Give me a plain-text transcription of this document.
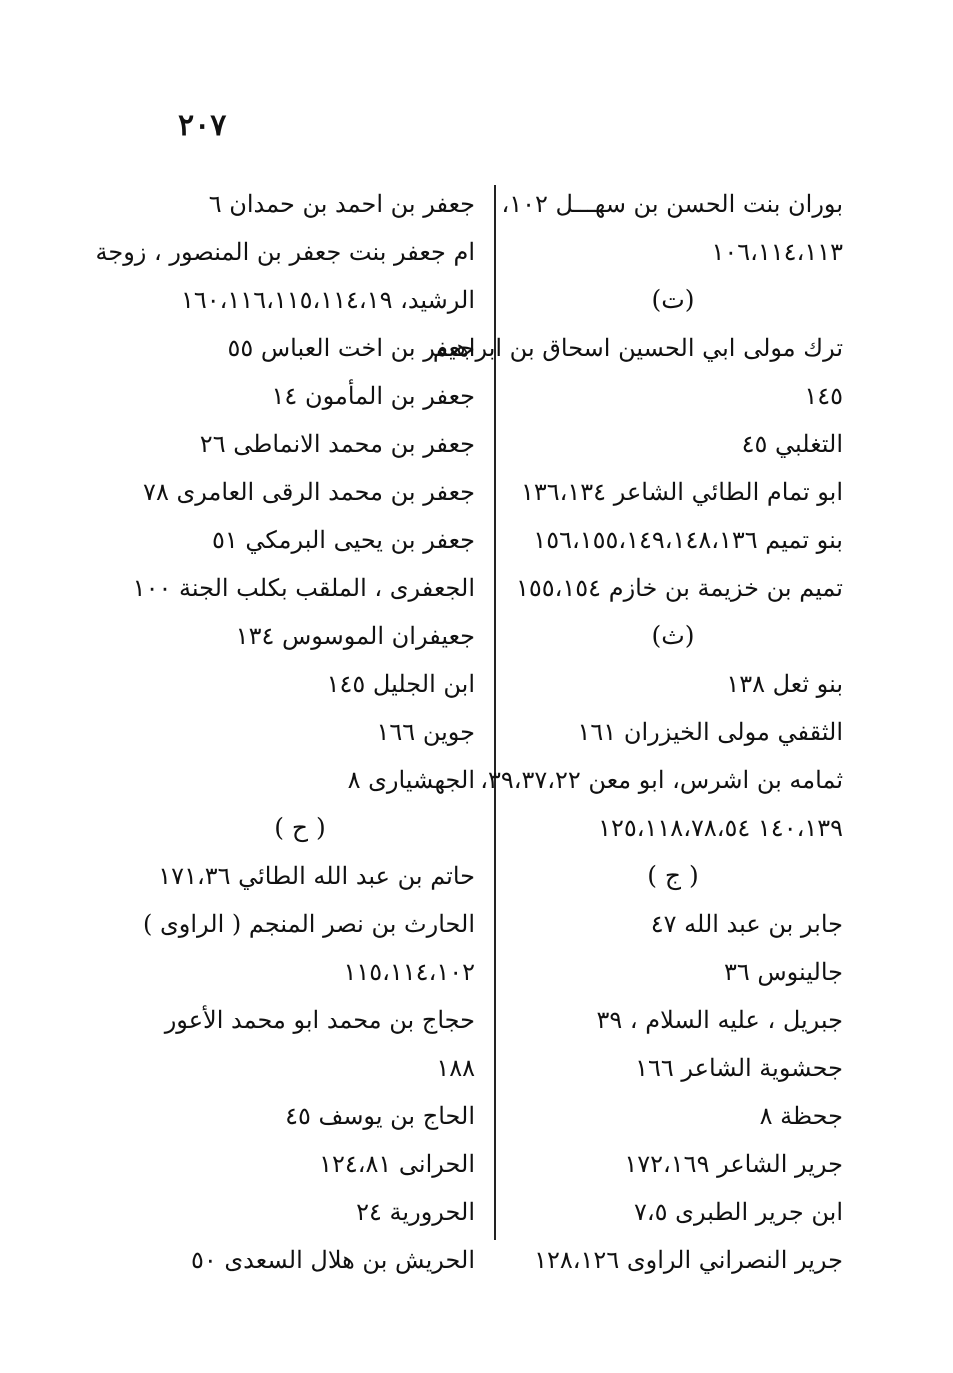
٢٠٧
بوران بنت الحسن بن سهـــل ١٠٢،
١٠٦،١١٤،١١٣
(ت)
ترك مولى ابي الحسين اسحاق بن ابراهيم
١٤٥
التغلبي ٤٥
ابو تمام الطائي الشاعر ١٣٦،١٣٤
بنو تميم ١٥٦،١٥٥،١٤٩،١٤٨،١٣٦
تميم بن خزيمة بن خازم ١٥٥،١٥٤
(ث)
بنو ثعل ١٣٨
الثقفي مولى الخيزران ١٦١
ثمامه بن اشرس، ابو معن ٣٩،٣٧،٢٢،
١٤٠،١٣٩ ١٢٥،١١٨،٧٨،٥٤
( ج )
جابر بن عبد الله ٤٧
جالينوس ٣٦
جبريل ، عليه السلام ، ٣٩
جحشوية الشاعر ١٦٦
جحظة ٨
جرير الشاعر ١٧٢،١٦٩
ابن جرير الطبرى ٧،٥
جرير النصراني الراوى ١٢٨،١٢٦
جعفر بن احمد بن حمدان ٦
ام جعفر بنت جعفر بن المنصور ، زوجة
الرشيد، ١٦٠،١١٦،١١٥،١١٤،١٩
جعفر بن اخت العباس ٥٥
جعفر بن المأمون ١٤
جعفر بن محمد الانماطى ٢٦
جعفر بن محمد الرقى العامرى ٧٨
جعفر بن يحيى البرمكي ٥١
الجعفرى ، الملقب بكلب الجنة ١٠٠
جعيفران الموسوس ١٣٤
ابن الجليل ١٤٥
جوين ١٦٦
الجهشيارى ٨
( ح )
حاتم بن عبد الله الطائي ١٧١،٣٦
الحارث بن نصر المنجم ( الراوى )
١١٥،١١٤،١٠٢
حجاج بن محمد ابو محمد الأعور
١٨٨
الحاج بن يوسف ٤٥
الحرانى ١٢٤،٨١
الحرورية ٢٤
الحريش بن هلال السعدى ٥٠
